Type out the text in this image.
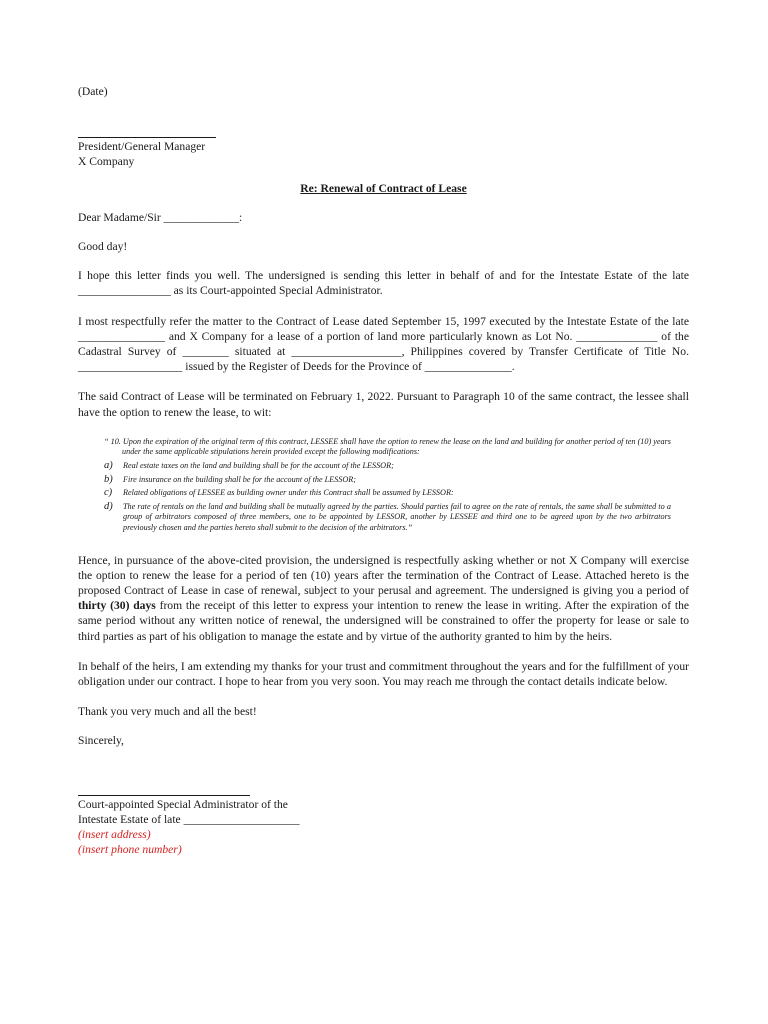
(Date)

President/General Manager

X Company

Re: Renewal of Contract of Lease

Dear Madame/Sir _____________:

Good day!

I hope this letter finds you well. The undersigned is sending this letter in behalf of and for the Intestate Estate of the late ________________ as its Court-appointed Special Administrator.

I most respectfully refer the matter to the Contract of Lease dated September 15, 1997 executed by the Intestate Estate of the late _______________ and X Company for a lease of a portion of land more particularly known as Lot No. ______________ of the Cadastral Survey of ________ situated at ___________________, Philippines covered by Transfer Certificate of Title No. __________________ issued by the Register of Deeds for the Province of _______________.

The said Contract of Lease will be terminated on February 1, 2022. Pursuant to Paragraph 10 of the same contract, the lessee shall have the option to renew the lease, to wit:

“ 10. Upon the expiration of the original term of this contract, LESSEE shall have the option to renew the lease on the land and building for another period of ten (10) years under the same applicable stipulations herein provided except the following modifications:
a)	Real estate taxes on the land and building shall be for the account of the LESSOR;
b)	Fire insurance on the building shall be for the account of the LESSOR;
c)	Related obligations of LESSEE as building owner under this Contract shall be assumed by LESSOR:
d)	The rate of rentals on the land and building shall be mutually agreed by the parties. Should parties fail to agree on the rate of rentals, the same shall be submitted to a group of arbitrators composed of three members, one to be appointed by LESSOR, another by LESSEE and third one to be agreed upon by the two arbitrators previously chosen and the parties hereto shall submit to the decision of the arbitrators.”

Hence, in pursuance of the above-cited provision, the undersigned is respectfully asking whether or not X Company will exercise the option to renew the lease for a period of ten (10) years after the termination of the Contract of Lease. Attached hereto is the proposed Contract of Lease in case of renewal, subject to your perusal and agreement. The undersigned is giving you a period of thirty (30) days from the receipt of this letter to express your intention to renew the lease in writing. After the expiration of the same period without any written notice of renewal, the undersigned will be constrained to offer the property for lease or sale to third parties as part of his obligation to manage the estate and by virtue of the authority granted to him by the heirs.

In behalf of the heirs, I am extending my thanks for your trust and commitment throughout the years and for the fulfillment of your obligation under our contract. I hope to hear from you very soon. You may reach me through the contact details indicate below.

Thank you very much and all the best!

Sincerely,

Court-appointed Special Administrator of the

Intestate Estate of late ____________________

(insert address)

(insert phone number)
